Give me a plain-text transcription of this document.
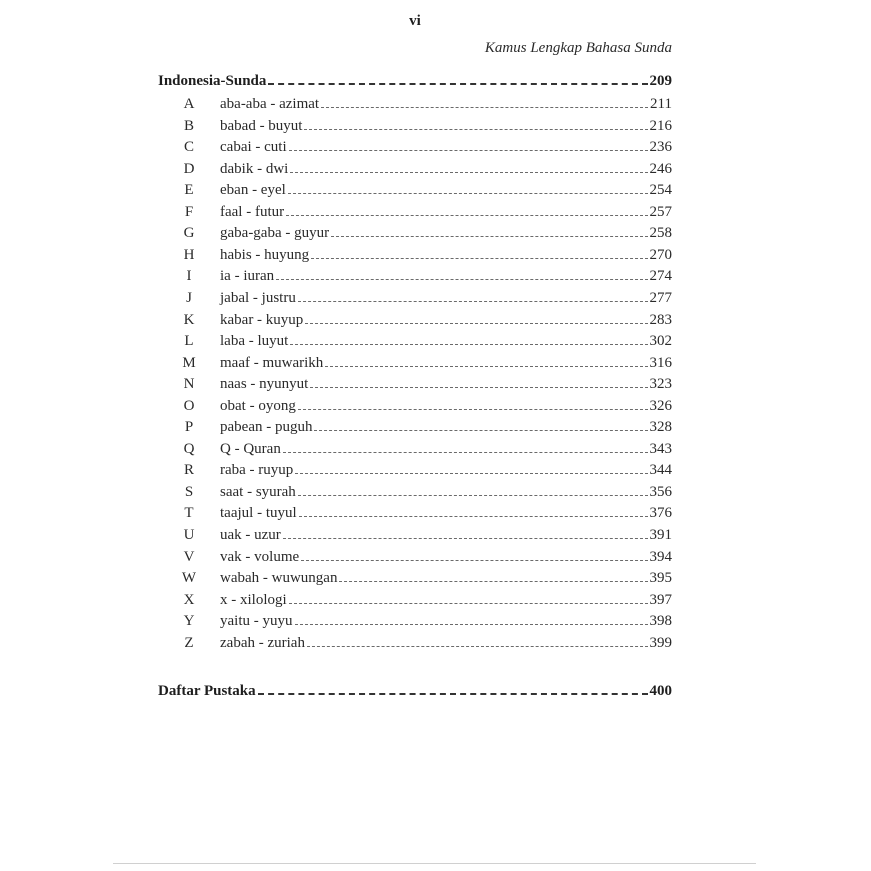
vi
Kamus Lengkap Bahasa Sunda
Indonesia-Sunda	209
A	aba-aba - azimat	211
B	babad - buyut	216
C	cabai - cuti	236
D	dabik - dwi	246
E	eban - eyel	254
F	faal - futur	257
G	gaba-gaba - guyur	258
H	habis - huyung	270
I	ia - iuran	274
J	jabal - justru	277
K	kabar - kuyup	283
L	laba - luyut	302
M	maaf - muwarikh	316
N	naas - nyunyut	323
O	obat - oyong	326
P	pabean - puguh	328
Q	Q - Quran	343
R	raba - ruyup	344
S	saat - syurah	356
T	taajul - tuyul	376
U	uak - uzur	391
V	vak - volume	394
W	wabah - wuwungan	395
X	x - xilologi	397
Y	yaitu - yuyu	398
Z	zabah - zuriah	399
Daftar Pustaka	400
